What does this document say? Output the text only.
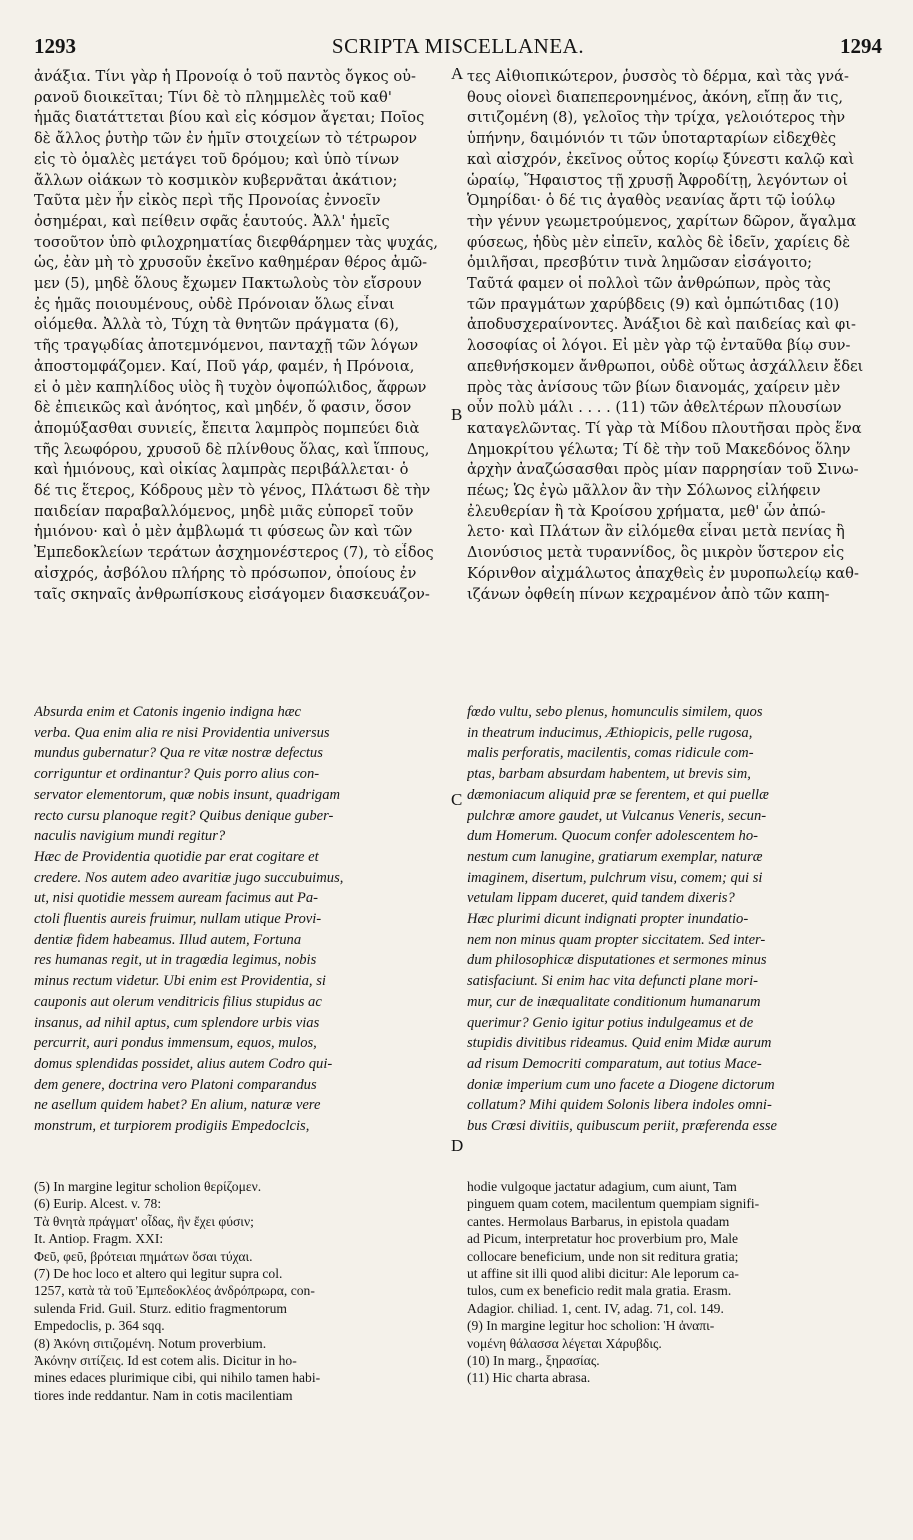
1293	SCRIPTA MISCELLANEA.	1294
ἀνάξια. Τίνι γὰρ ἡ Προνοίᾳ ὁ τοῦ παντὸς ὄγκος οὐ-
ρανοῦ διοικεῖται; Τίνι δὲ τὸ πλημμελὲς τοῦ καθ'
ἡμᾶς διατάττεται βίου καὶ εἰς κόσμον ἄγεται; Ποῖος
δὲ ἄλλος ῥυτὴρ τῶν ἐν ἡμῖν στοιχείων τὸ τέτρωρον
εἰς τὸ ὁμαλὲς μετάγει τοῦ δρόμου; καὶ ὑπὸ τίνων
ἄλλων οἰάκων τὸ κοσμικὸν κυβερνᾶται ἀκάτιον;
Ταῦτα μὲν ἦν εἰκὸς περὶ τῆς Προνοίας ἐννοεῖν
ὁσημέραι, καὶ πείθειν σφᾶς ἑαυτούς. Ἀλλ' ἡμεῖς
τοσοῦτον ὑπὸ φιλοχρηματίας διεφθάρημεν τὰς ψυχάς,
ὡς, ἐὰν μὴ τὸ χρυσοῦν ἐκεῖνο καθημέραν θέρος ἀμῶ-
μεν (5), μηδὲ ὅλους ἔχωμεν Πακτωλοὺς τὸν εἴσρουν
ἐς ἡμᾶς ποιουμένους, οὐδὲ Πρόνοιαν ὅλως εἶναι
οἰόμεθα. Ἀλλὰ τὸ, Τύχη τὰ θνητῶν πράγματα (6),
τῆς τραγῳδίας ἀποτεμνόμενοι, πανταχῇ τῶν λόγων
ἀποστομφάζομεν. Καί, Ποῦ γάρ, φαμέν, ἡ Πρόνοια,
εἰ ὁ μὲν καπηλίδος υἱὸς ἢ τυχὸν ὀψοπώλιδος, ἄφρων
δὲ ἐπιεικῶς καὶ ἀνόητος, καὶ μηδέν, ὅ φασιν, ὅσον
ἀπομύξασθαι συνιείς, ἔπειτα λαμπρὸς πομπεύει διὰ
τῆς λεωφόρου, χρυσοῦ δὲ πλίνθους ὅλας, καὶ ἵππους,
καὶ ἡμιόνους, καὶ οἰκίας λαμπρὰς περιβάλλεται· ὁ
δέ τις ἕτερος, Κόδρους μὲν τὸ γένος, Πλάτωσι δὲ τὴν
παιδείαν παραβαλλόμενος, μηδὲ μιᾶς εὐπορεῖ τοῦν
ἡμιόνου· καὶ ὁ μὲν ἀμβλωμά τι φύσεως ὢν καὶ τῶν
Ἐμπεδοκλείων τεράτων ἀσχημονέστερος (7), τὸ εἶδος
αἰσχρός, ἀσβόλου πλήρης τὸ πρόσωπον, ὁποίους ἐν
ταῖς σκηναῖς ἀνθρωπίσκους εἰσάγομεν διασκευάζον-
τες Αἰθιοπικώτερον, ῥυσσὸς τὸ δέρμα, καὶ τὰς γνά-
θους οἱονεὶ διαπεπερονημένος, ἀκόνη, εἴπῃ ἄν τις,
σιτιζομένη (8), γελοῖος τὴν τρίχα, γελοιότερος τὴν
ὑπήνην, δαιμόνιόν τι τῶν ὑποταρταρίων εἰδεχθὲς
καὶ αἰσχρόν, ἐκεῖνος οὗτος κορίῳ ξύνεστι καλῷ καὶ
ὡραίῳ, Ἥφαιστος τῇ χρυσῇ Ἀφροδίτῃ, λεγόντων οἱ
Ὁμηρίδαι· ὁ δέ τις ἀγαθὸς νεανίας ἄρτι τῷ ἰούλῳ
τὴν γένυν γεωμετρούμενος, χαρίτων δῶρον, ἄγαλμα
φύσεως, ἡδὺς μὲν εἰπεῖν, καλὸς δὲ ἰδεῖν, χαρίεις δὲ
ὁμιλῆσαι, πρεσβύτιν τινὰ λημῶσαν εἰσάγοιτο;
Ταῦτά φαμεν οἱ πολλοὶ τῶν ἀνθρώπων, πρὸς τὰς
τῶν πραγμάτων χαρύβδεις (9) καὶ ὁμπώτιδας (10)
ἀποδυσχεραίνοντες. Ἀνάξιοι δὲ καὶ παιδείας καὶ φι-
λοσοφίας οἱ λόγοι. Εἰ μὲν γὰρ τῷ ἐνταῦθα βίῳ συν-
απεθνήσκομεν ἄνθρωποι, οὐδὲ οὕτως ἀσχάλλειν ἔδει
πρὸς τὰς ἀνίσους τῶν βίων διανομάς, χαίρειν μὲν
οὖν πολὺ μάλι . . . . (11) τῶν ἀθελτέρων πλουσίων
καταγελῶντας. Τί γὰρ τὰ Μίδου πλουτῆσαι πρὸς ἕνα
Δημοκρίτου γέλωτα; Τί δὲ τὴν τοῦ Μακεδόνος ὅλην
ἀρχὴν ἀναζώσασθαι πρὸς μίαν παρρησίαν τοῦ Σινω-
πέως; Ὡς ἐγὼ μᾶλλον ἂν τὴν Σόλωνος εἰλήφειν
ἐλευθερίαν ἢ τὰ Κροίσου χρήματα, μεθ' ὧν ἀπώ-
λετο· καὶ Πλάτων ἂν εἱλόμεθα εἶναι μετὰ πενίας ἢ
Διονύσιος μετὰ τυραννίδος, ὃς μικρὸν ὕστερον εἰς
Κόρινθον αἰχμάλωτος ἀπαχθεὶς ἐν μυροπωλείῳ καθ-
ιζάνων ὀφθείη πίνων κεχραμένον ἀπὸ τῶν καπη-
Absurda enim et Catonis ingenio indigna hæc
verba. Qua enim alia re nisi Providentia universus
mundus gubernatur? Qua re vitæ nostræ defectus
corriguntur et ordinantur? Quis porro alius con-
servator elementorum, quæ nobis insunt, quadrigam
recto cursu planoque regit? Quibus denique guber-
naculis navigium mundi regitur?
Hæc de Providentia quotidie par erat cogitare et
credere. Nos autem adeo avaritiæ jugo succubuimus,
ut, nisi quotidie messem auream facimus aut Pa-
ctoli fluentis aureis fruimur, nullam utique Provi-
dentiæ fidem habeamus. Illud autem, Fortuna
res humanas regit, ut in tragœdia legimus, nobis
minus rectum videtur. Ubi enim est Providentia, si
cauponis aut olerum venditricis filius stupidus ac
insanus, ad nihil aptus, cum splendore urbis vias
percurrit, auri pondus immensum, equos, mulos,
domus splendidas possidet, alius autem Codro qui-
dem genere, doctrina vero Platoni comparandus
ne asellum quidem habet? En alium, naturæ vere
monstrum, et turpiorem prodigiis Empedoclcis,
fœdo vultu, sebo plenus, homunculis similem, quos
in theatrum inducimus, Æthiopicis, pelle rugosa,
malis perforatis, macilentis, comas ridicule com-
ptas, barbam absurdam habentem, ut brevis sim,
dæmoniacum aliquid præ se ferentem, et qui puellæ
pulchræ amore gaudet, ut Vulcanus Veneris, secun-
dum Homerum. Quocum confer adolescentem ho-
nestum cum lanugine, gratiarum exemplar, naturæ
imaginem, disertum, pulchrum visu, comem; qui si
vetulam lippam duceret, quid tandem dixeris?
Hæc plurimi dicunt indignati propter inundatio-
nem non minus quam propter siccitatem. Sed inter-
dum philosophicæ disputationes et sermones minus
satisfaciunt. Si enim hac vita defuncti plane mori-
mur, cur de inæqualitate conditionum humanarum
querimur? Genio igitur potius indulgeamus et de
stupidis divitibus rideamus. Quid enim Midæ aurum
ad risum Democriti comparatum, aut totius Mace-
doniæ imperium cum uno facete a Diogene dictorum
collatum? Mihi quidem Solonis libera indoles omni-
bus Crœsi divitiis, quibuscum periit, præferenda esse
(5) In margine legitur scholion θερίζομεν.
(6) Eurip. Alcest. v. 78:
Τὰ θνητὰ πράγματ' οἶδας, ἣν ἔχει φύσιν;
It. Antiop. Fragm. XXI:
Φεῦ, φεῦ, βρότειαι πημάτων ὅσαι τύχαι.
(7) De hoc loco et altero qui legitur supra col.
1257, κατὰ τὰ τοῦ Ἐμπεδοκλέος ἀνδρόπρωρα, con-
sulenda Frid. Guil. Sturz. editio fragmentorum
Empedoclis, p. 364 sqq.
(8) Ἀκόνη σιτιζομένη. Notum proverbium.
Ἀκόνην σιτίζεις. Id est cotem alis. Dicitur in ho-
mines edaces plurimique cibi, qui nihilo tamen habi-
tiores inde reddantur. Nam in cotis macilentiam
hodie vulgoque jactatur adagium, cum aiunt, Tam
pinguem quam cotem, macilentum quempiam signifi-
cantes. Hermolaus Barbarus, in epistola quadam
ad Picum, interpretatur hoc proverbium pro, Male
collocare beneficium, unde non sit reditura gratia;
ut affine sit illi quod alibi dicitur: Ale leporum ca-
tulos, cum ex beneficio redit mala gratia. Erasm.
Adagior. chiliad. 1, cent. IV, adag. 71, col. 149.
(9) In margine legitur hoc scholion: Ἡ ἀναπι-
νομένη θάλασσα λέγεται Χάρυβδις.
(10) In marg., ξηρασίας.
(11) Hic charta abrasa.
A
B
C
D
